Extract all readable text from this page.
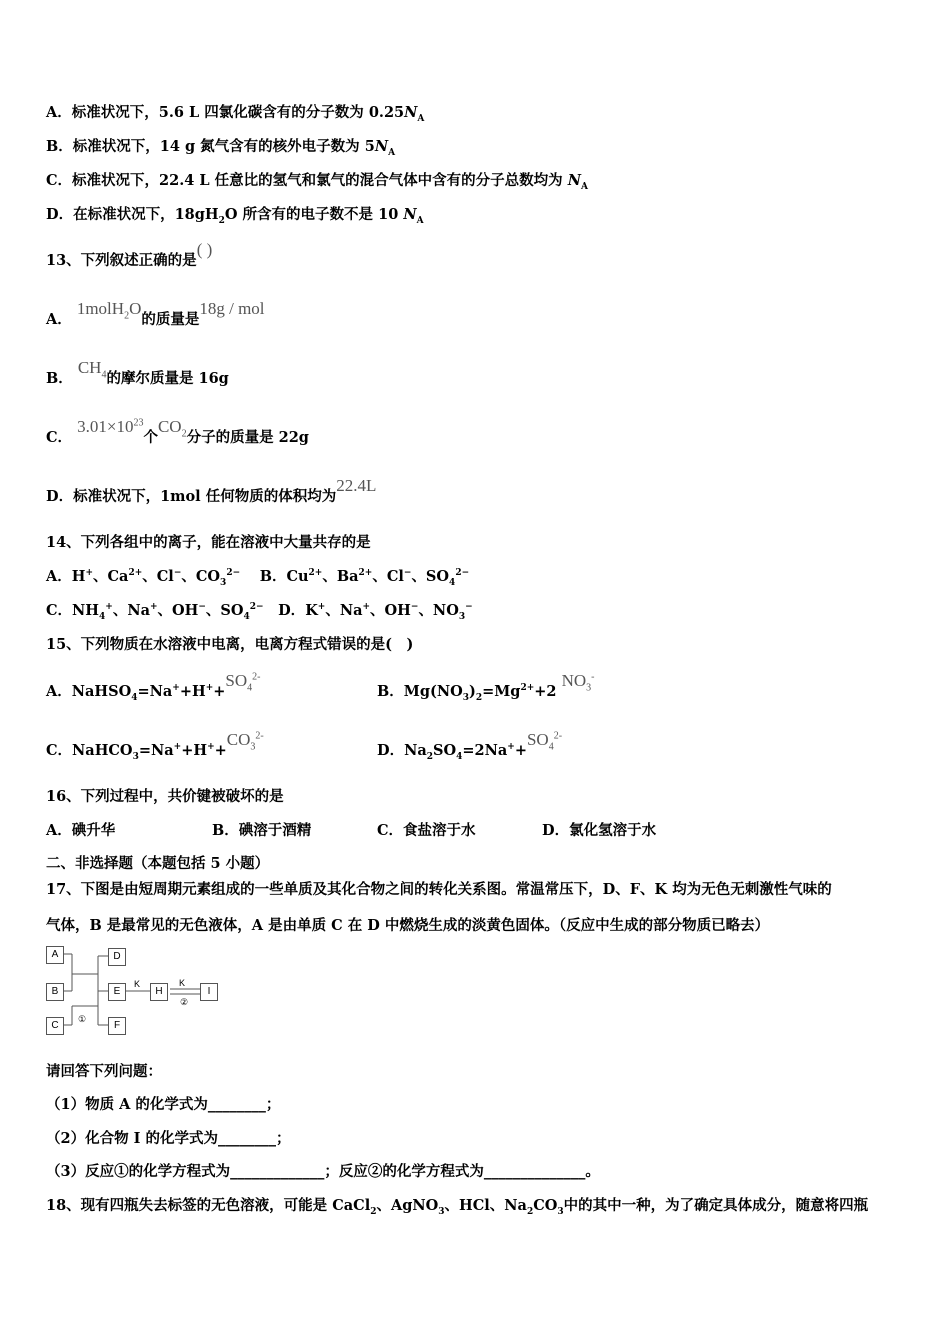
A．标准状况下，5.6 L 四氯化碳含有的分子数为 $0.25N_A$
B．标准状况下，14 g 氮气含有的核外电子数为 $5N_A$
C．标准状况下，22.4 L 任意比的氢气和氯气的混合气体中含有的分子总数均为 $N_A$
D．在标准状况下，$18gH_2O$ 所含有的电子数不是 10 $N_A$
13、下列叙述正确的是( )
A． 1molH$_2$O的质量是18g / mol
B． $CH_4$的摩尔质量是 16g
C． $3.01\times 10^{23}$个$CO_2$分子的质量是 22g
D．标准状况下，1mol 任何物质的体积均为22.4L
14、下列各组中的离子，能在溶液中大量共存的是
A．H+、$Ca^{2+}$、Cl−、$CO_3^{2-}$　 B．$Cu^{2+}$、$Ba^{2+}$、Cl−、$SO_4^{2-}$
C．$NH_4^+$、Na+、OH−、$SO_4^{2-}$　 D．K+、Na+、OH−、$NO_3^-$
15、下列物质在水溶液中电离，电离方程式错误的是(　)
A．$NaHSO_4=Na^++H^++SO_4^{2-}$
B．$Mg(NO_3)_2=Mg^{2+}+2$ $NO_3^-$
C．$NaHCO_3=Na^++H^++CO_3^{2-}$
D．$Na_2SO_4=2Na^++SO_4^{2-}$
16、下列过程中，共价键被破坏的是
A．碘升华	B．碘溶于酒精	C．食盐溶于水	D．氯化氢溶于水
二、非选择题（本题包括 5 小题）
17、下图是由短周期元素组成的一些单质及其化合物之间的转化关系图。常温常压下，D、F、K 均为无色无刺激性气味的
气体，B 是最常见的无色液体，A 是由单质 C 在 D 中燃烧生成的淡黄色固体。（反应中生成的部分物质已略去）
A
B
C
D
E
F
H	I
K	K
①
②
请回答下列问题：
（1）物质 A 的化学式为________；
（2）化合物 I 的化学式为________；
（3）反应①的化学方程式为_____________；反应②的化学方程式为______________。
18、现有四瓶失去标签的无色溶液，可能是 CaCl$_2$、AgNO$_3$、HCl、$Na_2CO_3$中的其中一种，为了确定具体成分，随意将四瓶
